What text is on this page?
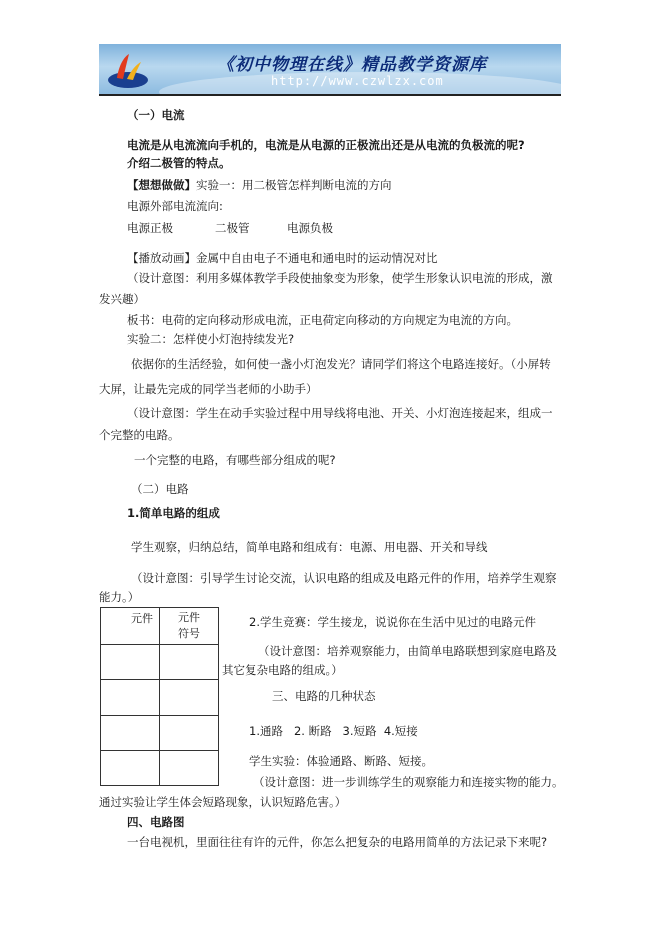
《初中物理在线》精品教学资源库
http://www.czwlzx.com
（一）电流
电流是从电流流向手机的，电流是从电源的正极流出还是从电流的负极流的呢?
介绍二极管的特点。
【想想做做】实验一：用二极管怎样判断电流的方向
电源外部电流流向:
电源正极	二极管	电源负极
【播放动画】金属中自由电子不通电和通电时的运动情况对比
（设计意图：利用多媒体教学手段使抽象变为形象，使学生形象认识电流的形成，激
发兴趣）
板书：电荷的定向移动形成电流，正电荷定向移动的方向规定为电流的方向。
实验二：怎样使小灯泡持续发光?
依据你的生活经验，如何使一盏小灯泡发光？请同学们将这个电路连接好。（小屏转
大屏，让最先完成的同学当老师的小助手）
（设计意图：学生在动手实验过程中用导线将电池、开关、小灯泡连接起来，组成一
个完整的电路。
一个完整的电路，有哪些部分组成的呢?
（二）电路
1.简单电路的组成
学生观察，归纳总结，简单电路和组成有：电源、用电器、开关和导线
（设计意图：引导学生讨论交流，认识电路的组成及电路元件的作用，培养学生观察
能力。）
元件	元件符号

2.学生竞赛：学生接龙，说说你在生活中见过的电路元件
（设计意图：培养观察能力，由简单电路联想到家庭电路及
其它复杂电路的组成。）
三、电路的几种状态
1.通路   2. 断路   3.短路  4.短接
学生实验：体验通路、断路、短接。
（设计意图：进一步训练学生的观察能力和连接实物的能力。
通过实验让学生体会短路现象，认识短路危害。）
四、电路图
一台电视机，里面往往有许的元件，你怎么把复杂的电路用简单的方法记录下来呢?
